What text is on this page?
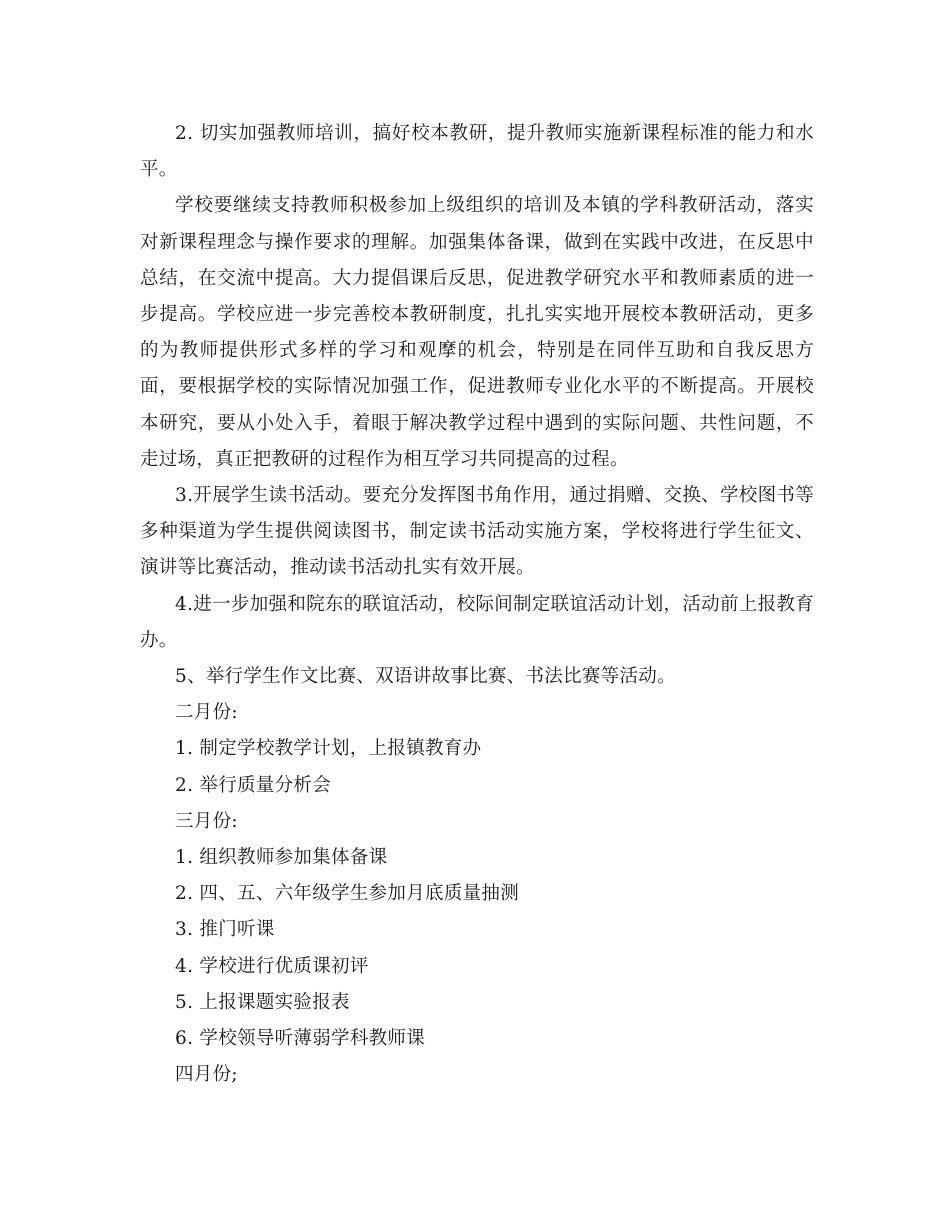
2. 切实加强教师培训，搞好校本教研，提升教师实施新课程标准的能力和水平。

学校要继续支持教师积极参加上级组织的培训及本镇的学科教研活动，落实对新课程理念与操作要求的理解。加强集体备课，做到在实践中改进，在反思中总结，在交流中提高。大力提倡课后反思，促进教学研究水平和教师素质的进一步提高。学校应进一步完善校本教研制度，扎扎实实地开展校本教研活动，更多的为教师提供形式多样的学习和观摩的机会，特别是在同伴互助和自我反思方面，要根据学校的实际情况加强工作，促进教师专业化水平的不断提高。开展校本研究，要从小处入手，着眼于解决教学过程中遇到的实际问题、共性问题，不走过场，真正把教研的过程作为相互学习共同提高的过程。

3.开展学生读书活动。要充分发挥图书角作用，通过捐赠、交换、学校图书等多种渠道为学生提供阅读图书，制定读书活动实施方案，学校将进行学生征文、演讲等比赛活动，推动读书活动扎实有效开展。

4.进一步加强和院东的联谊活动，校际间制定联谊活动计划，活动前上报教育办。

5、举行学生作文比赛、双语讲故事比赛、书法比赛等活动。

二月份:

1. 制定学校教学计划，上报镇教育办

2. 举行质量分析会

三月份:

1. 组织教师参加集体备课

2. 四、五、六年级学生参加月底质量抽测

3. 推门听课

4. 学校进行优质课初评

5. 上报课题实验报表

6. 学校领导听薄弱学科教师课

四月份;
